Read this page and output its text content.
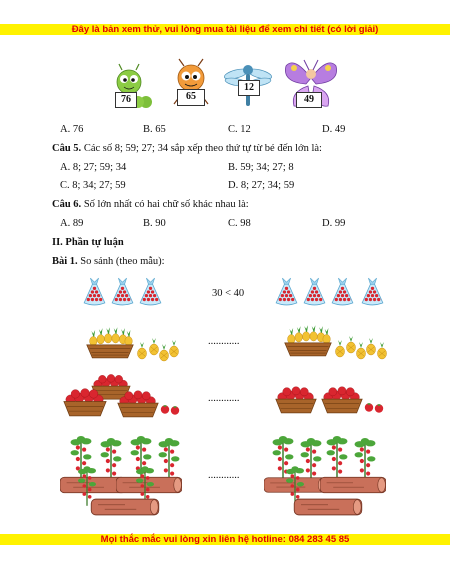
Đây là bản xem thử, vui lòng mua tài liệu để xem chi tiết (có lời giải)
76	65
12
49
A. 76	B. 65	C. 12	D. 49
Câu 5. Các số 8; 59; 27; 34 sắp xếp theo thứ tự từ bé đến lớn là:
A. 8; 27; 59; 34	B. 59; 34; 27; 8
C. 8; 34; 27; 59	D. 8; 27; 34; 59
Câu 6. Số lớn nhất có hai chữ số khác nhau là:
A. 89	B. 90	C. 98	D. 99
II. Phần tự luận
Bài 1. So sánh (theo mẫu):
30 < 40
............
............
............
Mọi thắc mắc vui lòng xin liên hệ hotline: 084 283 45 85
